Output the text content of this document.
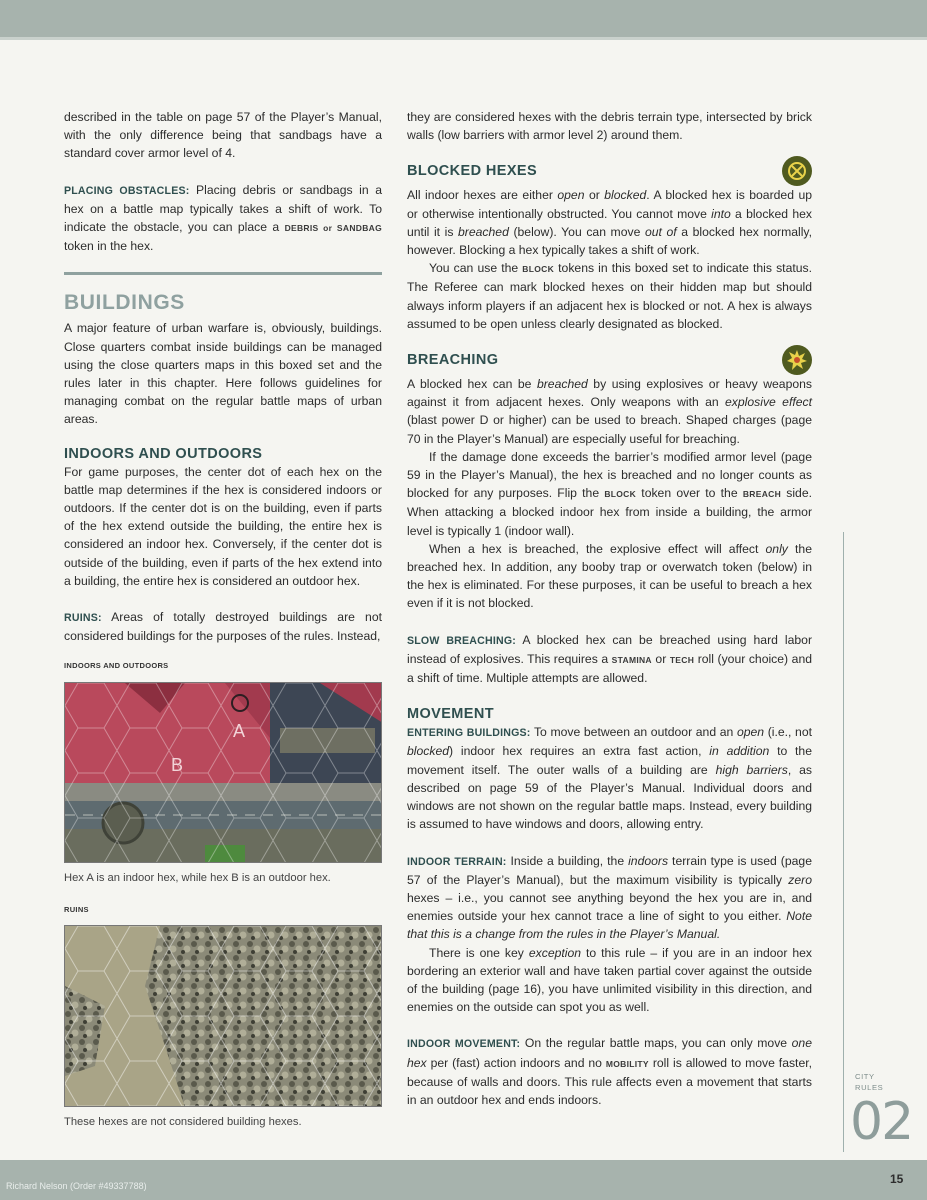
described in the table on page 57 of the Player’s Manual, with the only difference being that sandbags have a standard cover armor level of 4.

PLACING OBSTACLES: Placing debris or sandbags in a hex on a battle map typically takes a shift of work. To indicate the obstacle, you can place a DEBRIS or SANDBAG token in the hex.

BUILDINGS

A major feature of urban warfare is, obviously, buildings. Close quarters combat inside buildings can be managed using the close quarters maps in this boxed set and the rules later in this chapter. Here follows guidelines for managing combat on the regular battle maps of urban areas.

INDOORS AND OUTDOORS

For game purposes, the center dot of each hex on the battle map determines if the hex is considered indoors or outdoors. If the center dot is on the building, even if parts of the hex extend outside the building, the entire hex is considered an indoor hex. Conversely, if the center dot is outside of the building, even if parts of the hex extend into a building, the entire hex is considered an outdoor hex.

RUINS: Areas of totally destroyed buildings are not considered buildings for the purposes of the rules. Instead,

INDOORS AND OUTDOORS
A
B
Hex A is an indoor hex, while hex B is an outdoor hex.
RUINS
These hexes are not considered building hexes.

they are considered hexes with the debris terrain type, intersected by brick walls (low barriers with armor level 2) around them.

BLOCKED HEXES

All indoor hexes are either open or blocked. A blocked hex is boarded up or otherwise intentionally obstructed. You cannot move into a blocked hex until it is breached (below). You can move out of a blocked hex normally, however. Blocking a hex typically takes a shift of work.

You can use the BLOCK tokens in this boxed set to indicate this status. The Referee can mark blocked hexes on their hidden map but should always inform players if an adjacent hex is blocked or not. A hex is always assumed to be open unless clearly designated as blocked.

BREACHING

A blocked hex can be breached by using explosives or heavy weapons against it from adjacent hexes. Only weapons with an explosive effect (blast power D or higher) can be used to breach. Shaped charges (page 70 in the Player’s Manual) are especially useful for breaching.

If the damage done exceeds the barrier’s modified armor level (page 59 in the Player’s Manual), the hex is breached and no longer counts as blocked for any purposes. Flip the BLOCK token over to the BREACH side. When attacking a blocked indoor hex from inside a building, the armor level is typically 1 (indoor wall).

When a hex is breached, the explosive effect will affect only the breached hex. In addition, any booby trap or overwatch token (below) in the hex is eliminated. For these purposes, it can be useful to breach a hex even if it is not blocked.

SLOW BREACHING: A blocked hex can be breached using hard labor instead of explosives. This requires a STAMINA or TECH roll (your choice) and a shift of time. Multiple attempts are allowed.

MOVEMENT

ENTERING BUILDINGS: To move between an outdoor and an open (i.e., not blocked) indoor hex requires an extra fast action, in addition to the movement itself. The outer walls of a building are high barriers, as described on page 59 of the Player’s Manual. Individual doors and windows are not shown on the regular battle maps. Instead, every building is assumed to have windows and doors, allowing entry.

INDOOR TERRAIN: Inside a building, the indoors terrain type is used (page 57 of the Player’s Manual), but the maximum visibility is typically zero hexes – i.e., you cannot see anything beyond the hex you are in, and enemies outside your hex cannot trace a line of sight to you either. Note that this is a change from the rules in the Player’s Manual.

There is one key exception to this rule – if you are in an indoor hex bordering an exterior wall and have taken partial cover against the outside of the building (page 16), you have unlimited visibility in this direction, and enemies on the outside can spot you as well.

INDOOR MOVEMENT: On the regular battle maps, you can only move one hex per (fast) action indoors and no MOBILITY roll is allowed to move faster, because of walls and doors. This rule affects even a movement that starts in an outdoor hex and ends indoors.

CITY
RULES
02
Richard Nelson (Order #49337788)	15
